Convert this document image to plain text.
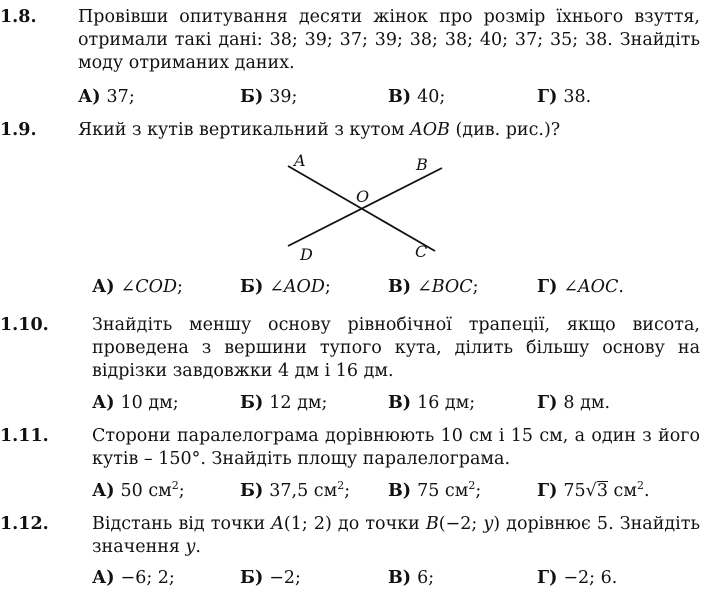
1.8. Провівши опитування десяти жінок про розмір їхнього взуття, отримали такі дані: 38; 39; 37; 39; 38; 38; 40; 37; 35; 38. Знайдіть моду отриманих даних.
А) 37;	Б) 39;	В) 40;	Г) 38.
1.9. Який з кутів вертикальний з кутом AOB (див. рис.)?
A	B
O
D	C
А) ∠COD;	Б) ∠AOD;	В) ∠BOC;	Г) ∠AOC.
1.10. Знайдіть меншу основу рівнобічної трапеції, якщо висота, проведена з вершини тупого кута, ділить більшу основу на відрізки завдовжки 4 дм і 16 дм.
А) 10 дм;	Б) 12 дм;	В) 16 дм;	Г) 8 дм.
1.11. Сторони паралелограма дорівнюють 10 см і 15 см, а один з його кутів – 150°. Знайдіть площу паралелограма.
А) 50 $см^2$;	Б) 37,5 $см^2$; В) 75 $см^2$;	Г) 75√3 $см^2$.
1.12. Відстань від точки A(1; 2) до точки B(−2; y) дорівнює 5. Знайдіть значення y.
А) −6; 2;	Б) −2;	В) 6;	Г) −2; 6.
